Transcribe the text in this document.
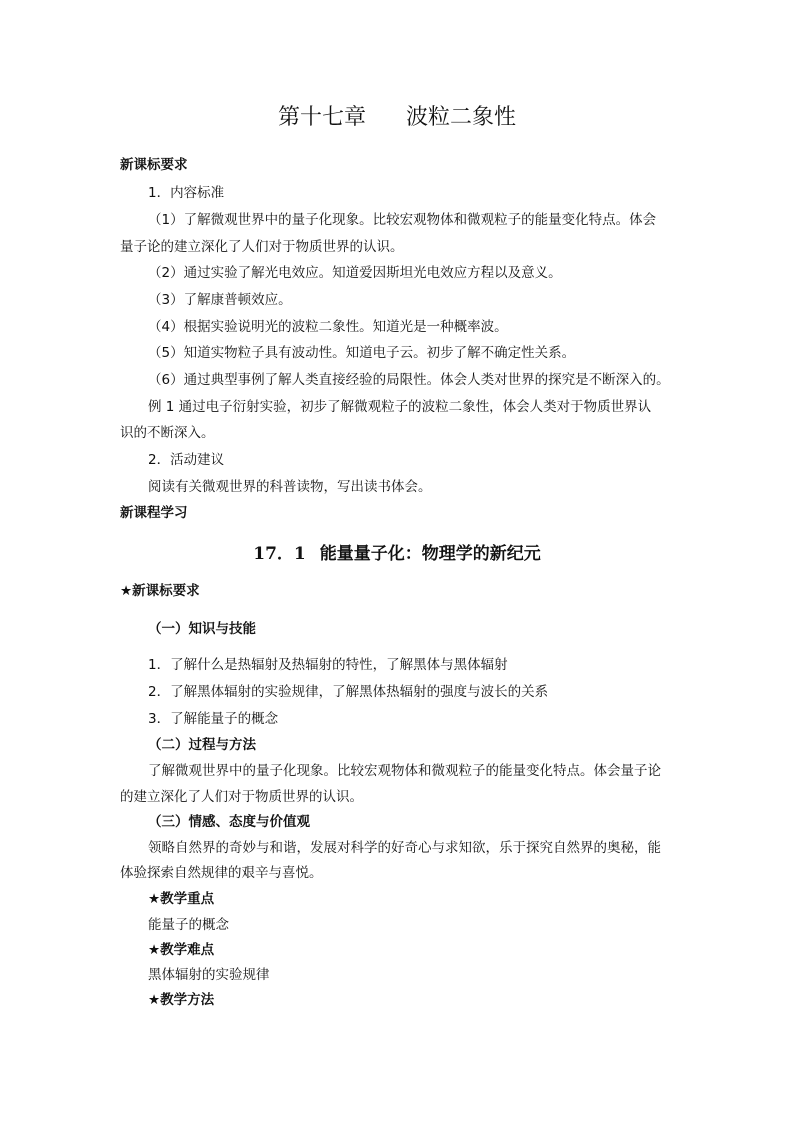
第十七章 波粒二象性
新课标要求
1．内容标准
（1）了解微观世界中的量子化现象。比较宏观物体和微观粒子的能量变化特点。体会
量子论的建立深化了人们对于物质世界的认识。
（2）通过实验了解光电效应。知道爱因斯坦光电效应方程以及意义。
（3）了解康普顿效应。
（4）根据实验说明光的波粒二象性。知道光是一种概率波。
（5）知道实物粒子具有波动性。知道电子云。初步了解不确定性关系。
（6）通过典型事例了解人类直接经验的局限性。体会人类对世界的探究是不断深入的。
例 1 通过电子衍射实验，初步了解微观粒子的波粒二象性，体会人类对于物质世界认
识的不断深入。
2．活动建议
阅读有关微观世界的科普读物，写出读书体会。
新课程学习
17．1 能量量子化：物理学的新纪元
★新课标要求
（一）知识与技能
1．了解什么是热辐射及热辐射的特性，了解黑体与黑体辐射
2．了解黑体辐射的实验规律，了解黑体热辐射的强度与波长的关系
3．了解能量子的概念
（二）过程与方法
了解微观世界中的量子化现象。比较宏观物体和微观粒子的能量变化特点。体会量子论
的建立深化了人们对于物质世界的认识。
（三）情感、态度与价值观
领略自然界的奇妙与和谐，发展对科学的好奇心与求知欲，乐于探究自然界的奥秘，能
体验探索自然规律的艰辛与喜悦。
★教学重点
能量子的概念
★教学难点
黑体辐射的实验规律
★教学方法
